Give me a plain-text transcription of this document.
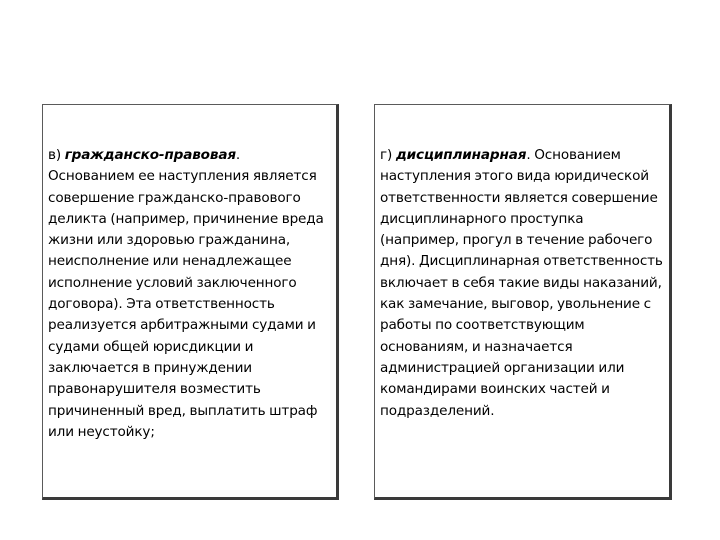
в) гражданско-правовая. Основанием ее наступления является совершение гражданско-правового деликта (например, причинение вреда жизни или здоровью гражданина, неисполнение или ненадлежащее исполнение условий заключенного договора). Эта ответственность реализуется арбитражными судами и судами общей юрисдикции и заключается в принуждении правонарушителя возместить причиненный вред, выплатить штраф или неустойку;

г) дисциплинарная. Основанием наступления этого вида юридической ответственности является совершение дисциплинарного проступка (например, прогул в течение рабочего дня). Дисциплинарная ответственность включает в себя такие виды наказаний, как замечание, выговор, увольнение с работы по соответствующим основаниям, и назначается администрацией организации или командирами воинских частей и подразделений.
